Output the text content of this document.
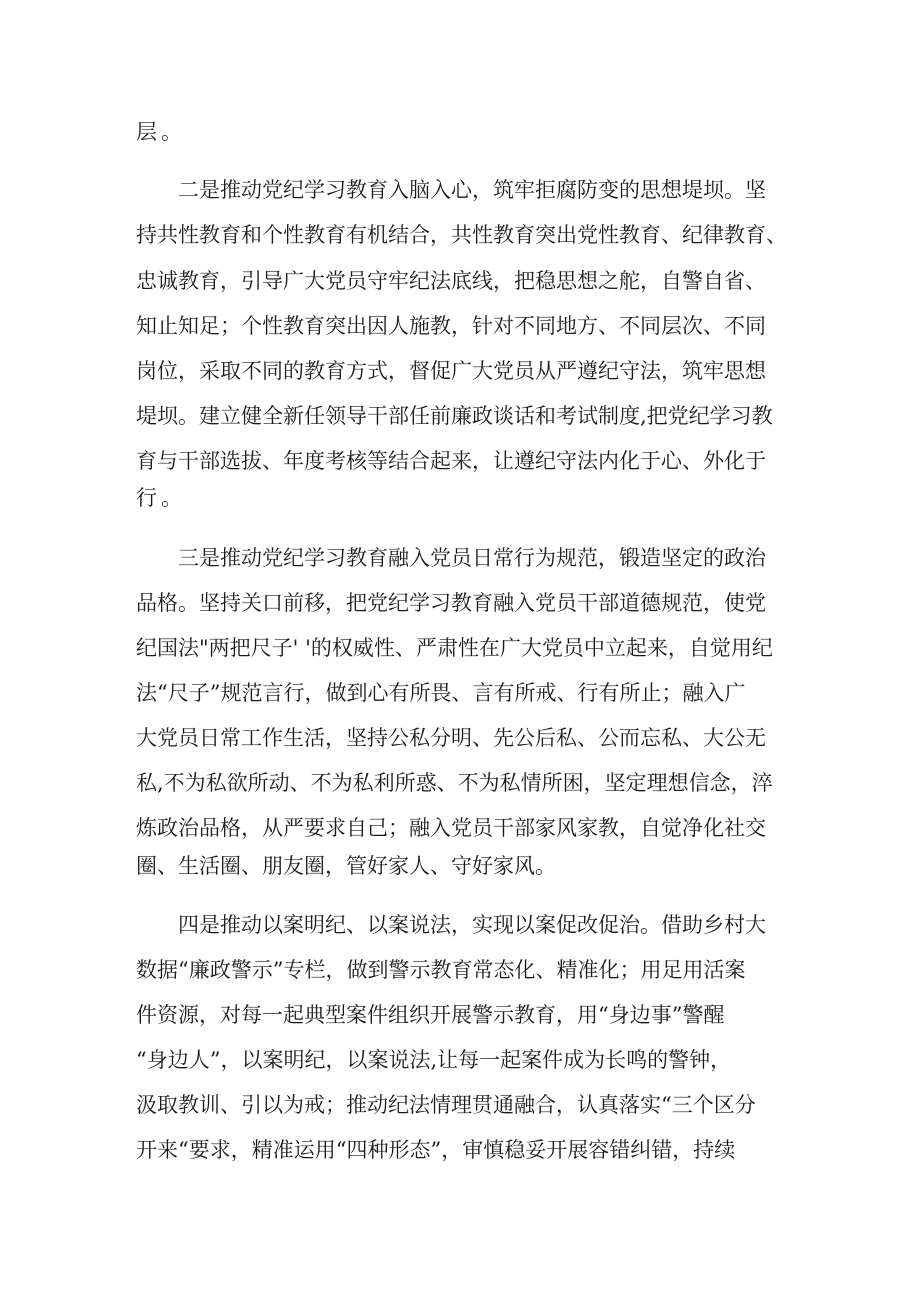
层。
二是推动党纪学习教育入脑入心，筑牢拒腐防变的思想堤坝。坚
持共性教育和个性教育有机结合，共性教育突出党性教育、纪律教育、
忠诚教育，引导广大党员守牢纪法底线，把稳思想之舵，自警自省、
知止知足；个性教育突出因人施教，针对不同地方、不同层次、不同
岗位，采取不同的教育方式，督促广大党员从严遵纪守法，筑牢思想
堤坝。建立健全新任领导干部任前廉政谈话和考试制度,把党纪学习教
育与干部选拔、年度考核等结合起来，让遵纪守法内化于心、外化于
行。
三是推动党纪学习教育融入党员日常行为规范，锻造坚定的政治
品格。坚持关口前移，把党纪学习教育融入党员干部道德规范，使党
纪国法"两把尺子' '的权威性、严肃性在广大党员中立起来，自觉用纪
法“尺子”规范言行，做到心有所畏、言有所戒、行有所止；融入广
大党员日常工作生活，坚持公私分明、先公后私、公而忘私、大公无
私,不为私欲所动、不为私利所惑、不为私情所困，坚定理想信念，淬
炼政治品格，从严要求自己；融入党员干部家风家教，自觉净化社交
圈、生活圈、朋友圈，管好家人、守好家风。
四是推动以案明纪、以案说法，实现以案促改促治。借助乡村大
数据“廉政警示”专栏，做到警示教育常态化、精准化；用足用活案
件资源，对每一起典型案件组织开展警示教育，用“身边事”警醒
“身边人”，以案明纪，以案说法,让每一起案件成为长鸣的警钟，
汲取教训、引以为戒；推动纪法情理贯通融合，认真落实“三个区分
开来“要求，精准运用“四种形态”，审慎稳妥开展容错纠错，持续
